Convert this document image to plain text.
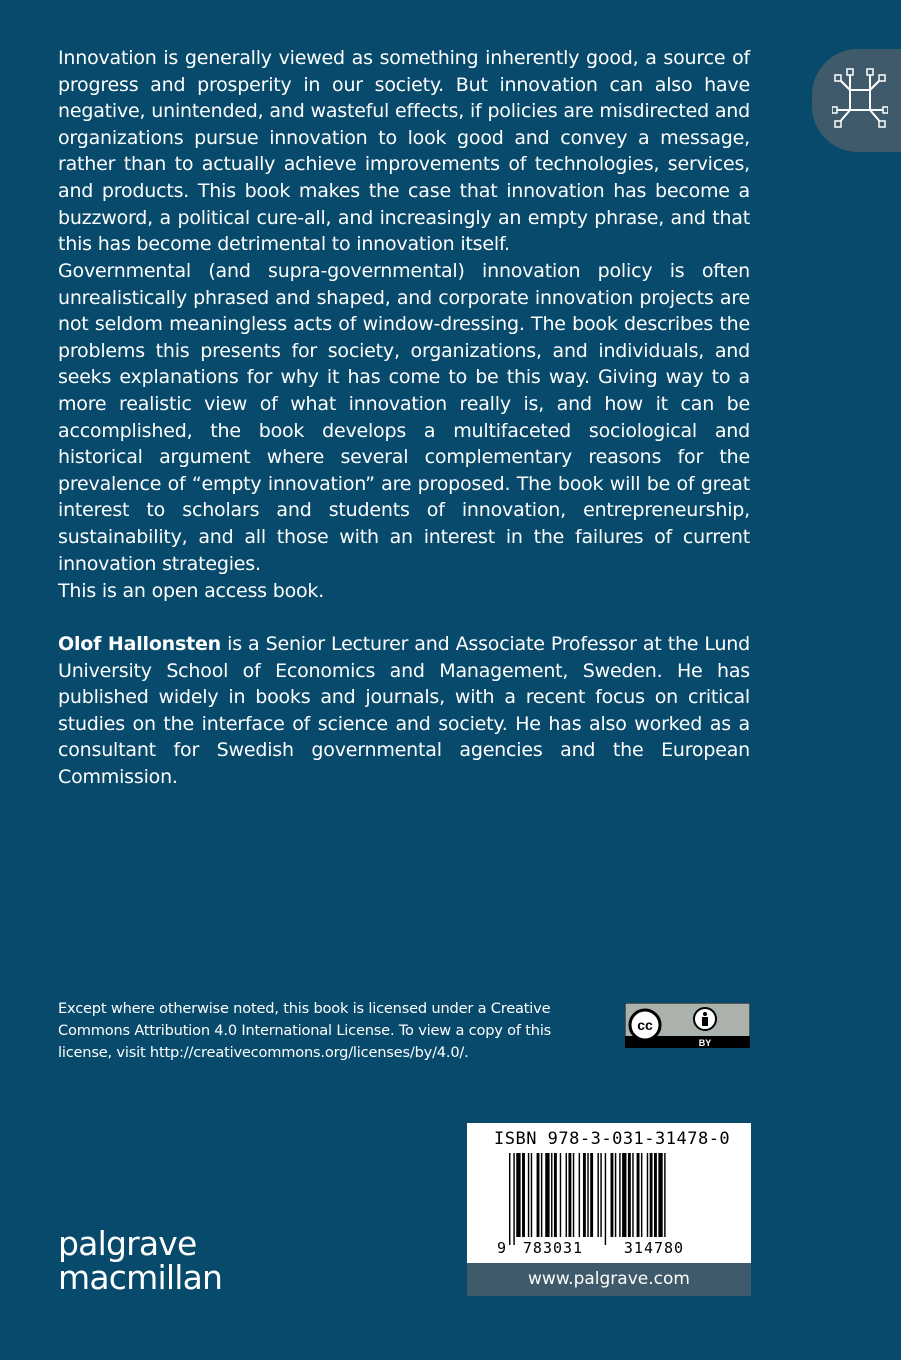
Innovation is generally viewed as something inherently good, a source of progress and prosperity in our society. But innovation can also have negative, unintended, and wasteful effects, if policies are misdirected and organizations pursue innovation to look good and convey a message, rather than to actually achieve improvements of technologies, services, and products. This book makes the case that innovation has become a buzzword, a political cure-all, and increasingly an empty phrase, and that this has become detrimental to innovation itself.

Governmental (and supra-governmental) innovation policy is often unrealistically phrased and shaped, and corporate innovation projects are not seldom meaningless acts of window-dressing. The book describes the problems this presents for society, organizations, and individuals, and seeks explanations for why it has come to be this way. Giving way to a more realistic view of what innovation really is, and how it can be accomplished, the book develops a multifaceted sociological and historical argument where several complementary reasons for the prevalence of “empty innovation” are proposed. The book will be of great interest to scholars and students of innovation, entrepreneurship, sustainability, and all those with an interest in the failures of current innovation strategies.

This is an open access book.

Olof Hallonsten is a Senior Lecturer and Associate Professor at the Lund University School of Economics and Management, Sweden. He has published widely in books and journals, with a recent focus on critical studies on the interface of science and society. He has also worked as a consultant for Swedish governmental agencies and the European Commission.

Except where otherwise noted, this book is licensed under a Creative Commons Attribution 4.0 International License. To view a copy of this license, visit http://creativecommons.org/licenses/by/4.0/.

cc
BY
ISBN 978-3-031-31478-0
9 783031	314780
www.palgrave.com
palgrave
macmillan
